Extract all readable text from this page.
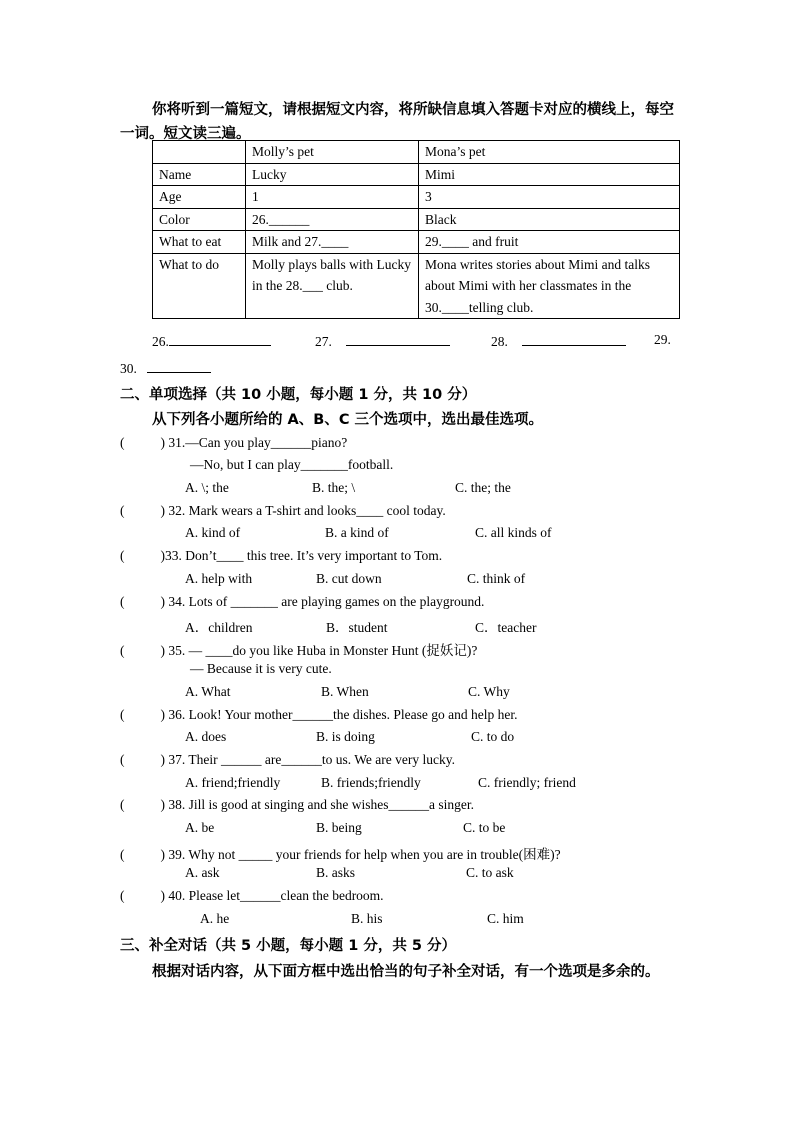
你将听到一篇短文，请根据短文内容，将所缺信息填入答题卡对应的横线上，每空一词。短文读三遍。
	Molly’s pet	Mona’s pet
Name	Lucky	Mimi
Age	1	3
Color	26.______	Black
What to eat	Milk and 27.____	29.____ and fruit
What to do	Molly plays balls with Lucky in the 28.___ club.	Mona writes stories about Mimi and talks about Mimi with her classmates in the 30.____telling club.
26.	27.	28.	29.
30.
二、单项选择（共 10 小题，每小题 1 分，共 10 分）
从下列各小题所给的 A、B、C 三个选项中，选出最佳选项。
(	) 31.—Can you play______piano?
—No, but I can play_______football.
A. \; the	B. the; \	C. the; the
(	) 32. Mark wears a T-shirt and looks____ cool today.
A. kind of	B. a kind of	C. all kinds of
(	)33. Don’t____ this tree. It’s very important to Tom.
A. help with	B. cut down	C. think of
(	) 34. Lots of _______ are playing games on the playground.
A．children	B．student	C．teacher
(	) 35. — ____do you like Huba in Monster Hunt (捉妖记)?
— Because it is very cute.
A. What	B. When	C. Why
(	) 36. Look! Your mother______the dishes. Please go and help her.
A. does	B. is doing	C. to do
(	) 37. Their ______ are______to us. We are very lucky.
A. friend;friendly	B. friends;friendly	C. friendly; friend
(	) 38. Jill is good at singing and she wishes______a singer.
A. be	B. being	C. to be
(	) 39. Why not _____ your friends for help when you are in trouble(困难)?
A. ask	B. asks	C. to ask
(	) 40. Please let______clean the bedroom.
A. he	B. his	C. him
三、补全对话（共 5 小题，每小题 1 分，共 5 分）
根据对话内容，从下面方框中选出恰当的句子补全对话，有一个选项是多余的。
